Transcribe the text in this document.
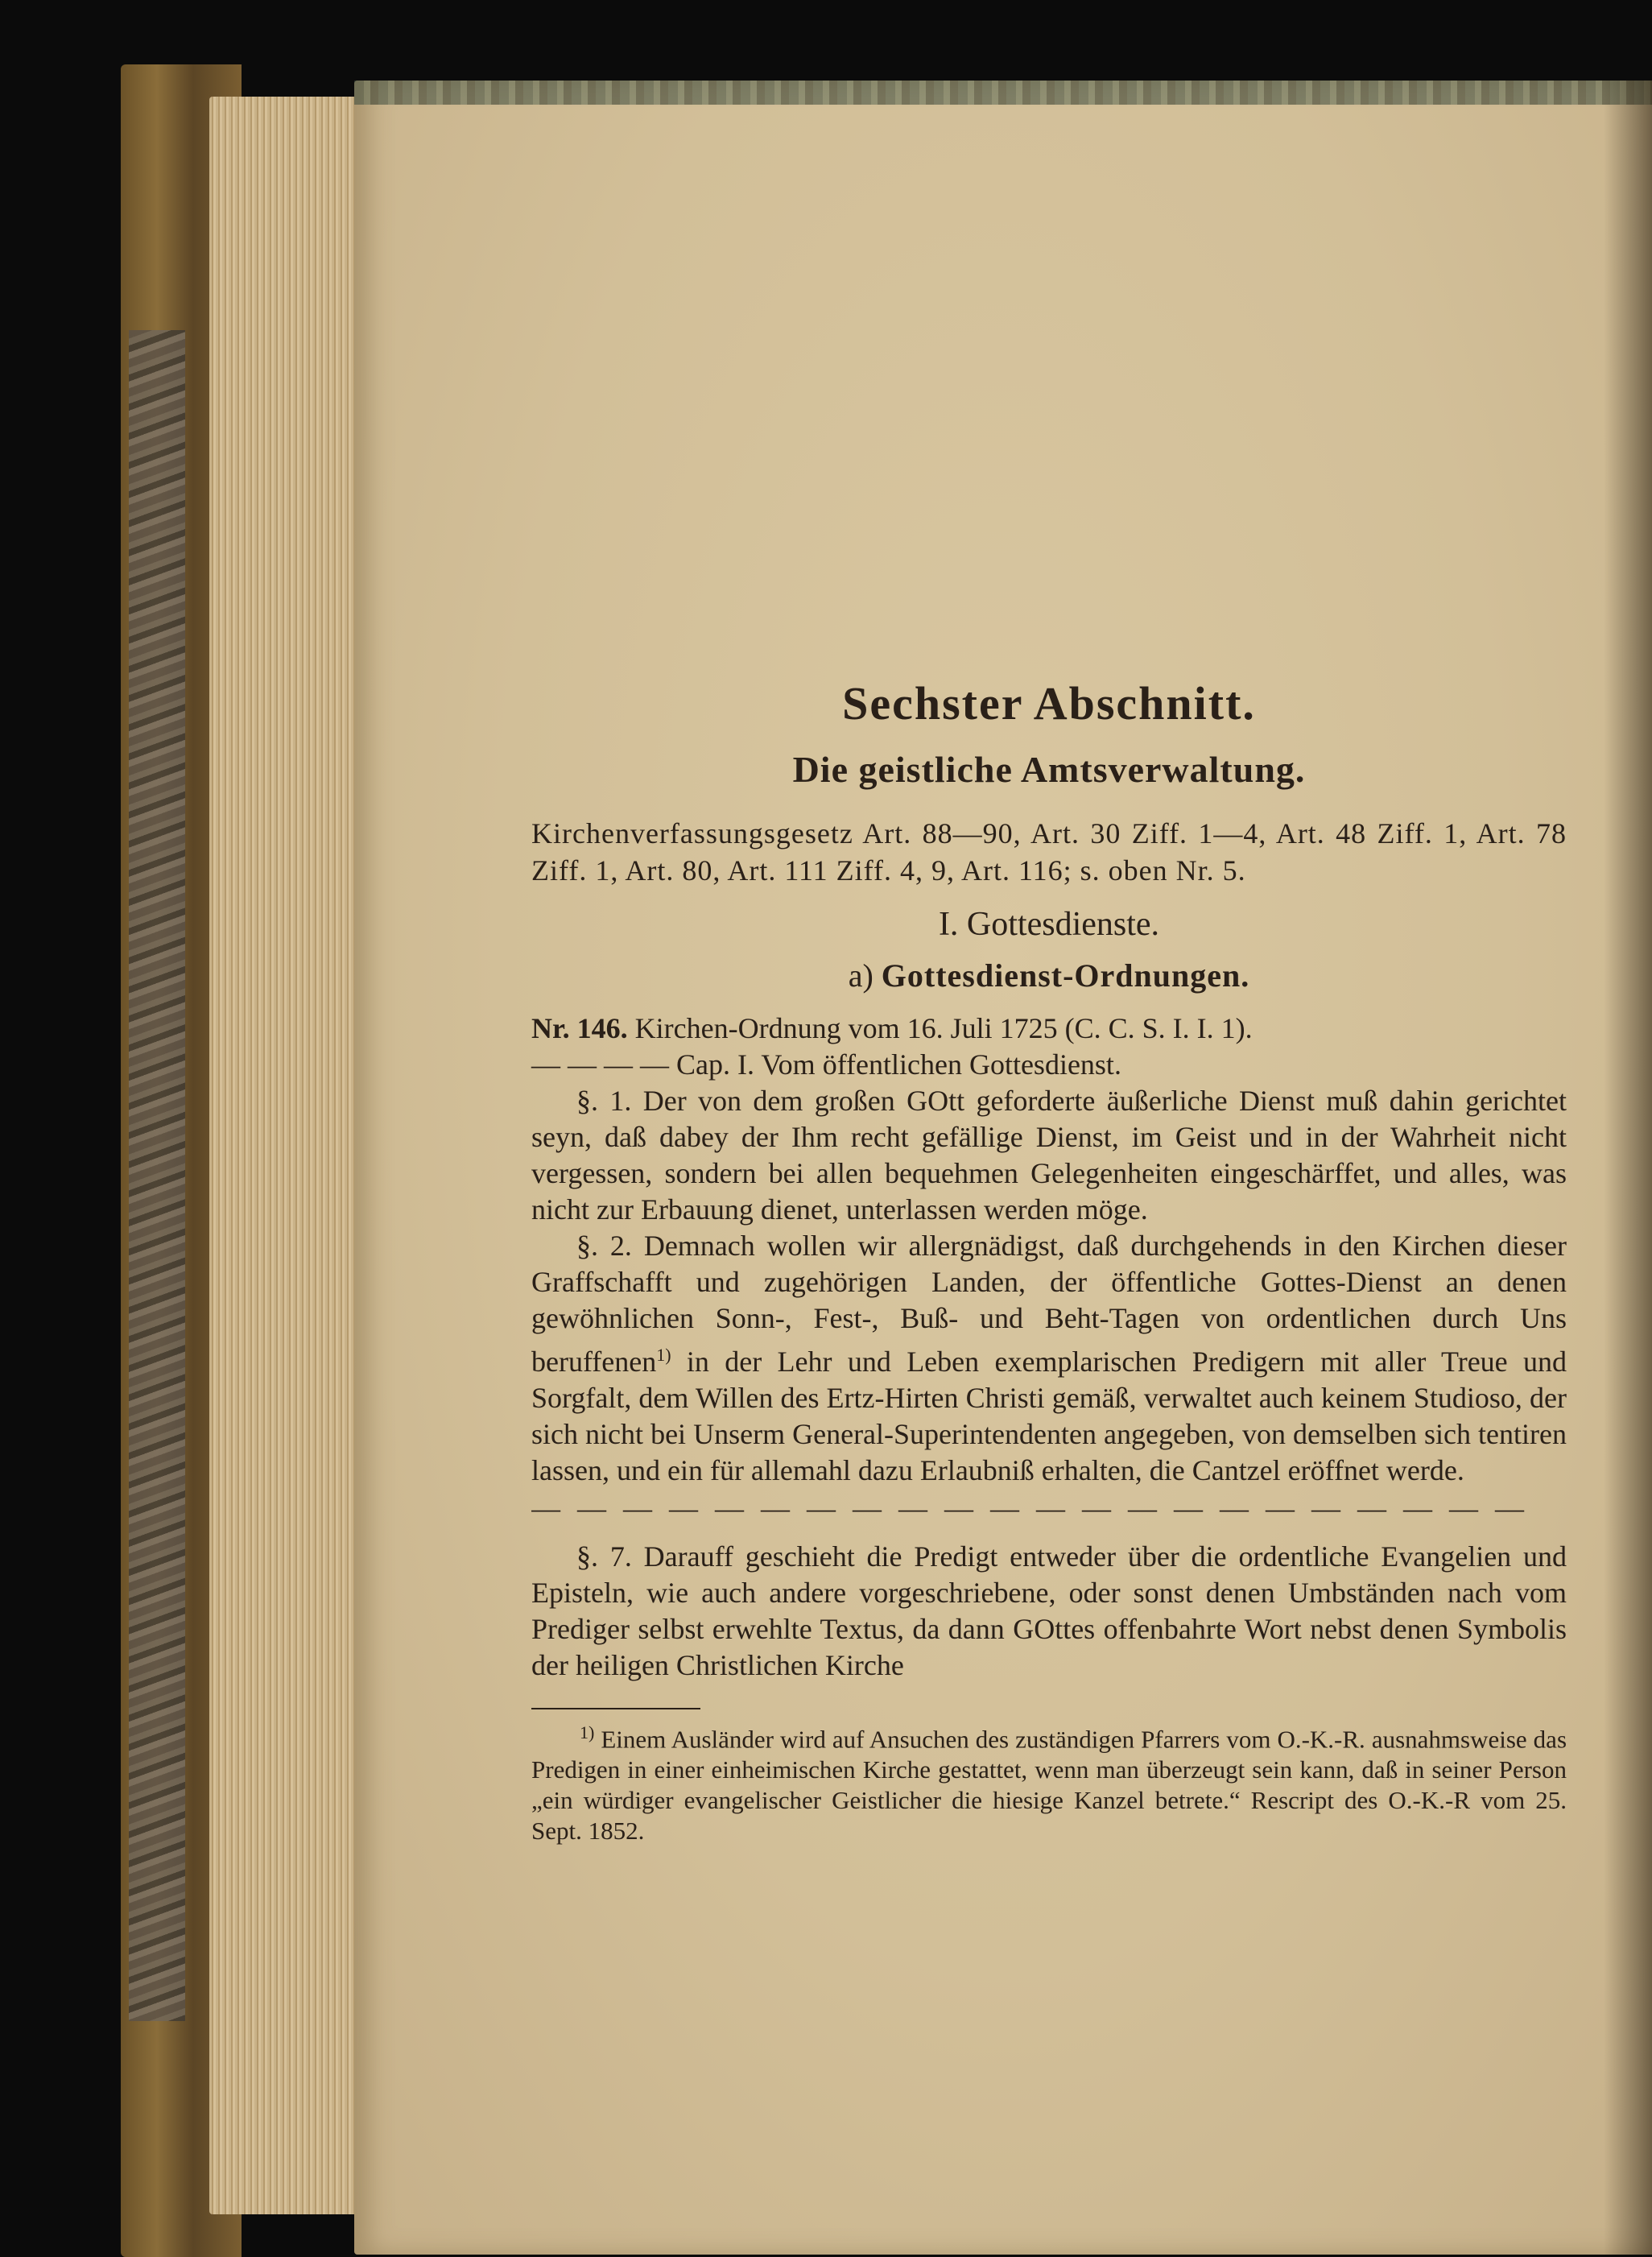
Sechster Abschnitt.
Die geistliche Amtsverwaltung.

Kirchenverfassungsgesetz Art. 88—90, Art. 30 Ziff. 1—4, Art. 48 Ziff. 1, Art. 78 Ziff. 1, Art. 80, Art. 111 Ziff. 4, 9, Art. 116; s. oben Nr. 5.

I. Gottesdienste.
a) Gottesdienst-Ordnungen.

Nr. 146. Kirchen-Ordnung vom 16. Juli 1725 (C. C. S. I. I. 1).

— — — — Cap. I. Vom öffentlichen Gottesdienst.

§. 1. Der von dem großen GOtt geforderte äußerliche Dienst muß dahin gerichtet seyn, daß dabey der Ihm recht gefällige Dienst, im Geist und in der Wahrheit nicht vergessen, sondern bei allen bequehmen Gelegenheiten eingeschärffet, und alles, was nicht zur Erbauung dienet, unterlassen werden möge.

§. 2. Demnach wollen wir allergnädigst, daß durchgehends in den Kirchen dieser Graffschafft und zugehörigen Landen, der öffentliche Gottes-Dienst an denen gewöhnlichen Sonn-, Fest-, Buß- und Beht-Tagen von ordentlichen durch Uns beruffenen$^{1)}$ in der Lehr und Leben exemplarischen Predigern mit aller Treue und Sorgfalt, dem Willen des Ertz-Hirten Christi gemäß, verwaltet auch keinem Studioso, der sich nicht bei Unserm General-Superintendenten angegeben, von demselben sich tentiren lassen, und ein für allemahl dazu Erlaubniß erhalten, die Cantzel eröffnet werde.

— — — — — — — — — — — — — — — — — — — — — —

§. 7. Darauff geschieht die Predigt entweder über die ordentliche Evangelien und Episteln, wie auch andere vorgeschriebene, oder sonst denen Umbständen nach vom Prediger selbst erwehlte Textus, da dann GOttes offenbahrte Wort nebst denen Symbolis der heiligen Christlichen Kirche

$^{1)}$ Einem Ausländer wird auf Ansuchen des zuständigen Pfarrers vom O.-K.-R. ausnahmsweise das Predigen in einer einheimischen Kirche gestattet, wenn man überzeugt sein kann, daß in seiner Person „ein würdiger evangelischer Geistlicher die hiesige Kanzel betrete.“ Rescript des O.-K.-R vom 25. Sept. 1852.
